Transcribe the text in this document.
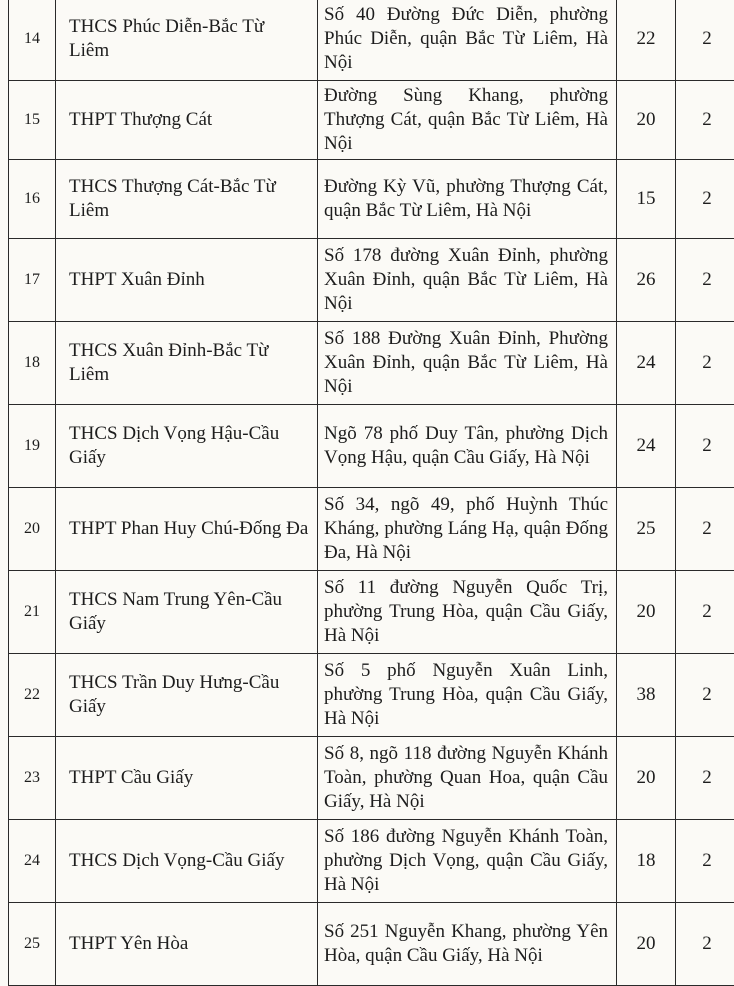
14	THCS Phúc Diễn-Bắc Từ Liêm	Số 40 Đường Đức Diễn, phường Phúc Diễn, quận Bắc Từ Liêm, Hà Nội	22	2
15	THPT Thượng Cát	Đường Sùng Khang, phường Thượng Cát, quận Bắc Từ Liêm, Hà Nội	20	2
16	THCS Thượng Cát-Bắc Từ Liêm	Đường Kỳ Vũ, phường Thượng Cát, quận Bắc Từ Liêm, Hà Nội	15	2
17	THPT Xuân Đỉnh	Số 178 đường Xuân Đỉnh, phường Xuân Đỉnh, quận Bắc Từ Liêm, Hà Nội	26	2
18	THCS Xuân Đỉnh-Bắc Từ Liêm	Số 188 Đường Xuân Đỉnh, Phường Xuân Đỉnh, quận Bắc Từ Liêm, Hà Nội	24	2
19	THCS Dịch Vọng Hậu-Cầu Giấy	Ngõ 78 phố Duy Tân, phường Dịch Vọng Hậu, quận Cầu Giấy, Hà Nội	24	2
20	THPT Phan Huy Chú-Đống Đa	Số 34, ngõ 49, phố Huỳnh Thúc Kháng, phường Láng Hạ, quận Đống Đa, Hà Nội	25	2
21	THCS Nam Trung Yên-Cầu Giấy	Số 11 đường Nguyễn Quốc Trị, phường Trung Hòa, quận Cầu Giấy, Hà Nội	20	2
22	THCS Trần Duy Hưng-Cầu Giấy	Số 5 phố Nguyễn Xuân Linh, phường Trung Hòa, quận Cầu Giấy, Hà Nội	38	2
23	THPT Cầu Giấy	Số 8, ngõ 118 đường Nguyễn Khánh Toàn, phường Quan Hoa, quận Cầu Giấy, Hà Nội	20	2
24	THCS Dịch Vọng-Cầu Giấy	Số 186 đường Nguyễn Khánh Toàn, phường Dịch Vọng, quận Cầu Giấy, Hà Nội	18	2
25	THPT Yên Hòa	Số 251 Nguyễn Khang, phường Yên Hòa, quận Cầu Giấy, Hà Nội	20	2
